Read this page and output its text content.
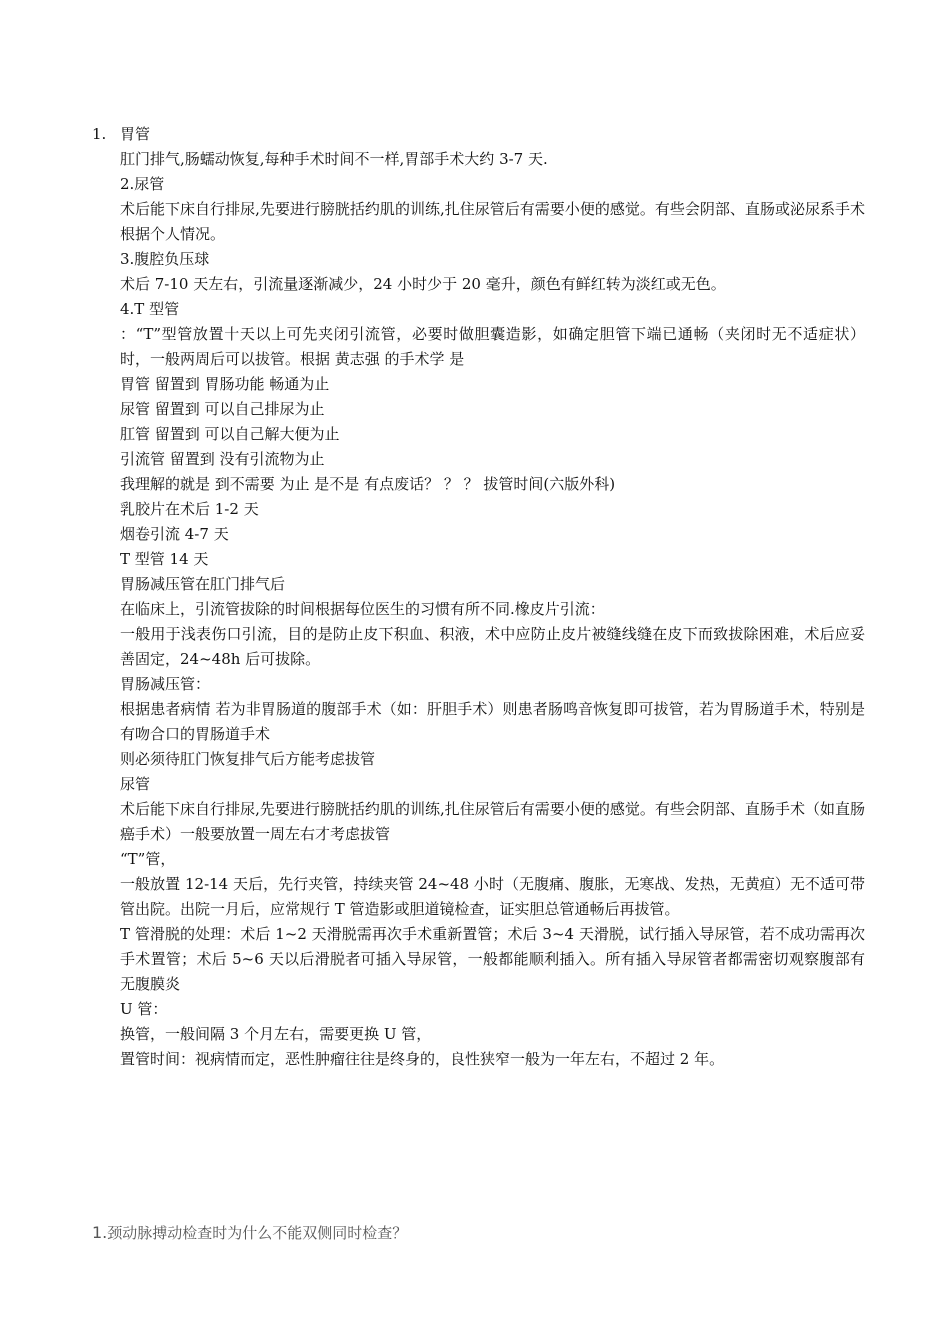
1. 胃管

肛门排气,肠蠕动恢复,每种手术时间不一样,胃部手术大约 3-7 天.

2.尿管

术后能下床自行排尿,先要进行膀胱括约肌的训练,扎住尿管后有需要小便的感觉。有些会阴部、直肠或泌尿系手术根据个人情况。

3.腹腔负压球

术后 7-10 天左右，引流量逐渐减少，24 小时少于 20 毫升，颜色有鲜红转为淡红或无色。

4.T 型管

：“T”型管放置十天以上可先夹闭引流管，必要时做胆囊造影，如确定胆管下端已通畅（夹闭时无不适症状）时，一般两周后可以拔管。根据 黄志强 的手术学 是

胃管 留置到 胃肠功能 畅通为止

尿管 留置到 可以自己排尿为止

肛管 留置到 可以自己解大便为止

引流管 留置到 没有引流物为止

我理解的就是 到不需要 为止 是不是 有点废话？ ？ ？ 拔管时间(六版外科)

乳胶片在术后 1-2 天

烟卷引流 4-7 天

T 型管 14 天

胃肠减压管在肛门排气后

在临床上，引流管拔除的时间根据每位医生的习惯有所不同.橡皮片引流：

一般用于浅表伤口引流，目的是防止皮下积血、积液，术中应防止皮片被缝线缝在皮下而致拔除困难，术后应妥善固定，24~48h 后可拔除。

胃肠减压管：

根据患者病情 若为非胃肠道的腹部手术（如：肝胆手术）则患者肠鸣音恢复即可拔管，若为胃肠道手术，特别是有吻合口的胃肠道手术

则必须待肛门恢复排气后方能考虑拔管

尿管

术后能下床自行排尿,先要进行膀胱括约肌的训练,扎住尿管后有需要小便的感觉。有些会阴部、直肠手术（如直肠癌手术）一般要放置一周左右才考虑拔管

“T”管，

一般放置 12-14 天后，先行夹管，持续夹管 24~48 小时（无腹痛、腹胀，无寒战、发热，无黄疸）无不适可带管出院。出院一月后，应常规行 T 管造影或胆道镜检查，证实胆总管通畅后再拔管。

T 管滑脱的处理：术后 1~2 天滑脱需再次手术重新置管；术后 3~4 天滑脱，试行插入导尿管，若不成功需再次手术置管；术后 5~6 天以后滑脱者可插入导尿管，一般都能顺利插入。所有插入导尿管者都需密切观察腹部有无腹膜炎

U 管：

换管，一般间隔 3 个月左右，需要更换 U 管，

置管时间：视病情而定，恶性肿瘤往往是终身的，良性狭窄一般为一年左右，不超过 2 年。

1.颈动脉搏动检查时为什么不能双侧同时检查？
